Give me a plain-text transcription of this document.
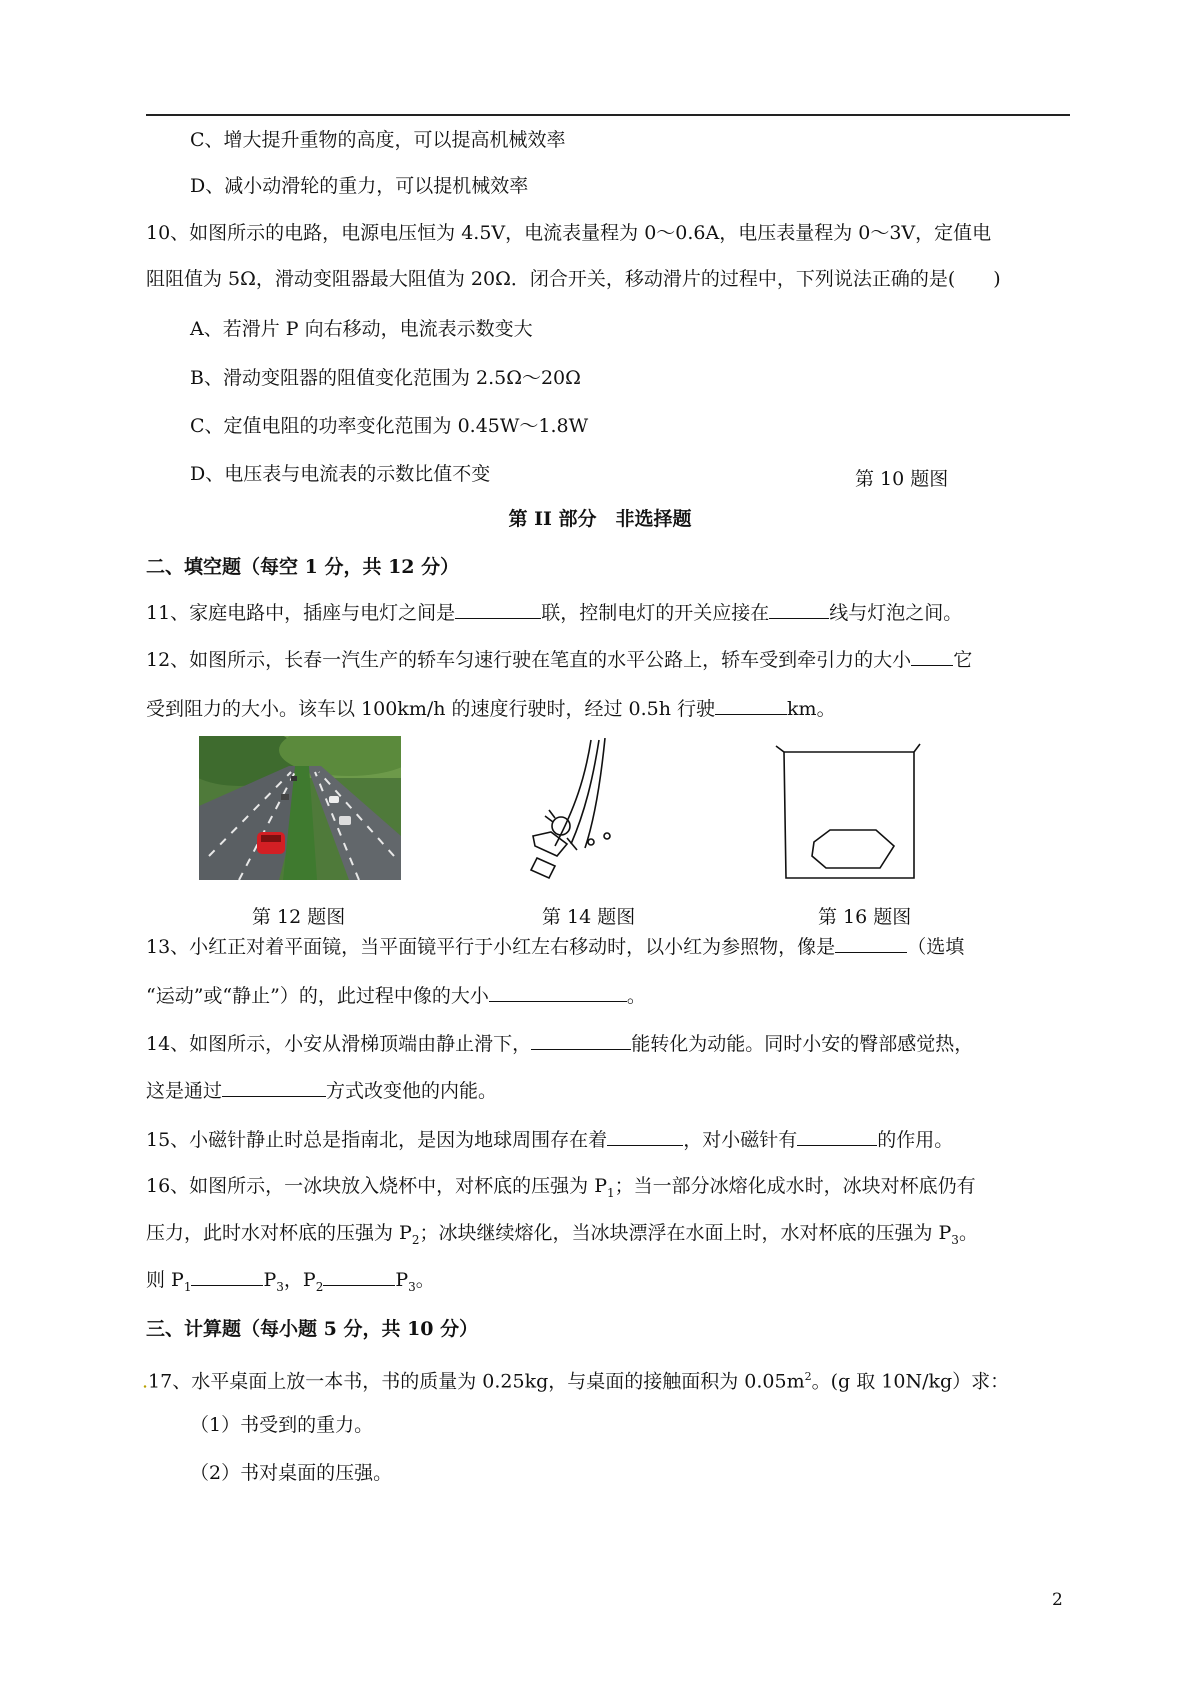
C、增大提升重物的高度，可以提高机械效率
D、减小动滑轮的重力，可以提机械效率
10、如图所示的电路，电源电压恒为 4.5V，电流表量程为 0～0.6A，电压表量程为 0～3V，定值电
阻阻值为 5Ω，滑动变阻器最大阻值为 20Ω．闭合开关，移动滑片的过程中，下列说法正确的是(　　)
A、若滑片 P 向右移动，电流表示数变大
B、滑动变阻器的阻值变化范围为 2.5Ω～20Ω
C、定值电阻的功率变化范围为 0.45W～1.8W
D、电压表与电流表的示数比值不变	第 10 题图
第 II 部分　非选择题
二、填空题（每空 1 分，共 12 分）
11、家庭电路中，插座与电灯之间是	联，控制电灯的开关应接在	线与灯泡之间。
12、如图所示，长春一汽生产的轿车匀速行驶在笔直的水平公路上，轿车受到牵引力的大小 它
受到阻力的大小。该车以 100km/h 的速度行驶时，经过 0.5h 行驶	km。
第 12 题图	第 14 题图	第 16 题图
13、小红正对着平面镜，当平面镜平行于小红左右移动时，以小红为参照物，像是	（选填
“运动”或“静止”）的，此过程中像的大小	。
14、如图所示，小安从滑梯顶端由静止滑下，	能转化为动能。同时小安的臀部感觉热，
这是通过	方式改变他的内能。
15、小磁针静止时总是指南北，是因为地球周围存在着	，对小磁针有	的作用。
16、如图所示，一冰块放入烧杯中，对杯底的压强为 $P_1$；当一部分冰熔化成水时，冰块对杯底仍有
压力，此时水对杯底的压强为 $P_2$；冰块继续熔化，当冰块漂浮在水面上时，水对杯底的压强为 $P_3$。
则 $P_1$	$P_3$，$P_2$	$P_3$。
三、计算题（每小题 5 分，共 10 分）
.17、水平桌面上放一本书，书的质量为 0.25kg，与桌面的接触面积为 $0.05m^2$。(g 取 10N/kg）求：
（1）书受到的重力。
（2）书对桌面的压强。
2
